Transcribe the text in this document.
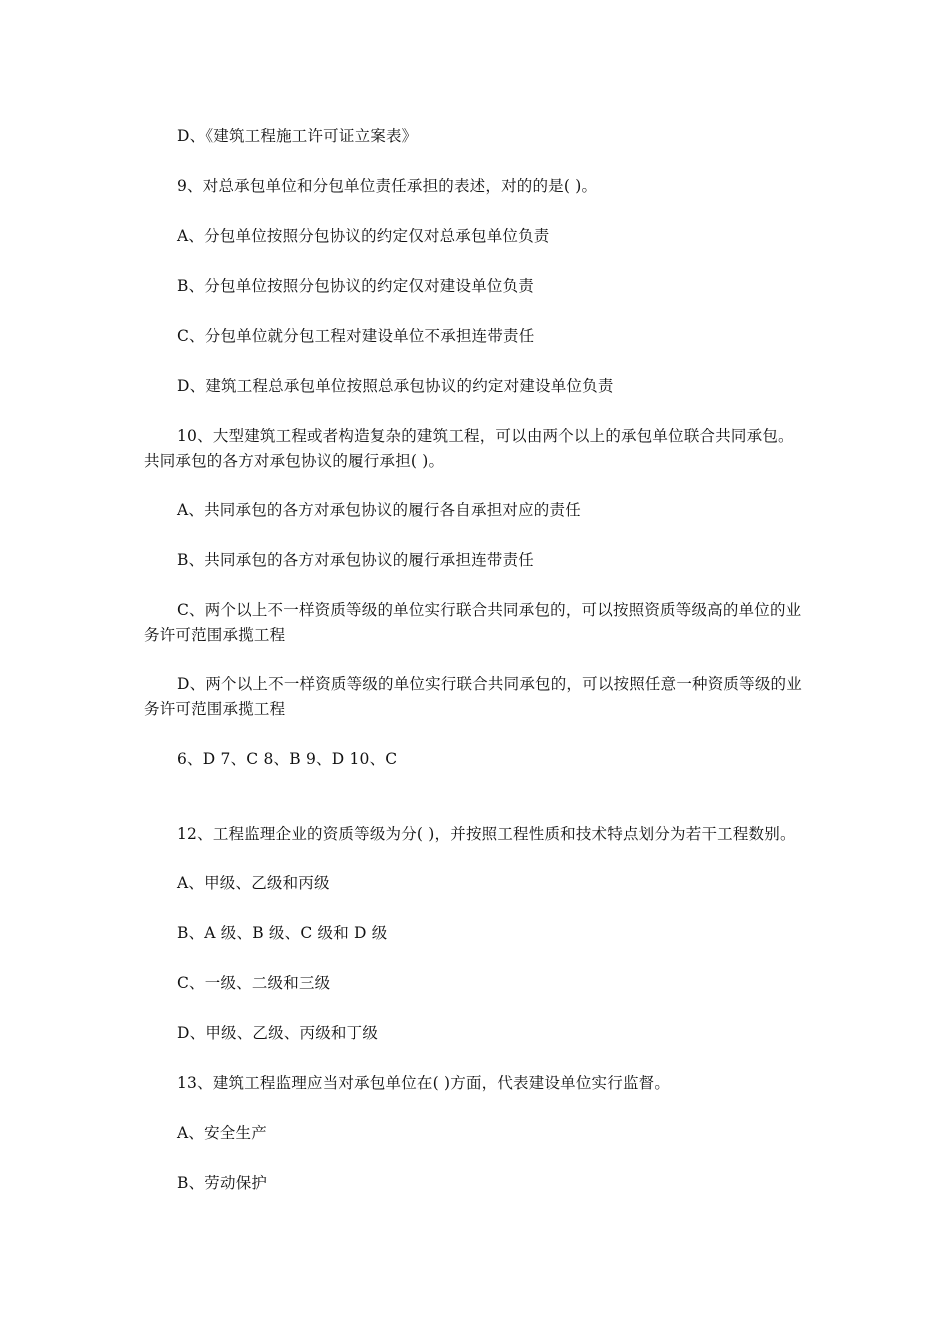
D、《建筑工程施工许可证立案表》
9、对总承包单位和分包单位责任承担的表述，对的的是( )。
A、分包单位按照分包协议的约定仅对总承包单位负责
B、分包单位按照分包协议的约定仅对建设单位负责
C、分包单位就分包工程对建设单位不承担连带责任
D、建筑工程总承包单位按照总承包协议的约定对建设单位负责
10、大型建筑工程或者构造复杂的建筑工程，可以由两个以上的承包单位联合共同承包。共同承包的各方对承包协议的履行承担( )。
A、共同承包的各方对承包协议的履行各自承担对应的责任
B、共同承包的各方对承包协议的履行承担连带责任
C、两个以上不一样资质等级的单位实行联合共同承包的，可以按照资质等级高的单位的业务许可范围承揽工程
D、两个以上不一样资质等级的单位实行联合共同承包的，可以按照任意一种资质等级的业务许可范围承揽工程
6、D 7、C 8、B 9、D 10、C
12、工程监理企业的资质等级为分( )，并按照工程性质和技术特点划分为若干工程数别。
A、甲级、乙级和丙级
B、A 级、B 级、C 级和 D 级
C、一级、二级和三级
D、甲级、乙级、丙级和丁级
13、建筑工程监理应当对承包单位在( )方面，代表建设单位实行监督。
A、安全生产
B、劳动保护
